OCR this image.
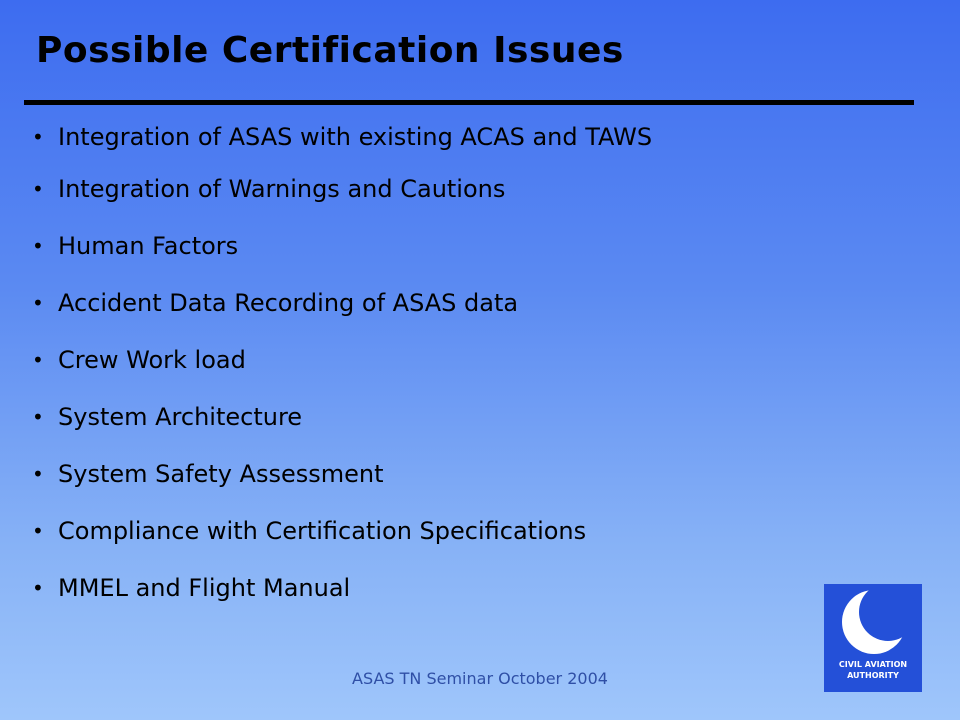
Possible Certification Issues
• Integration of ASAS with existing ACAS and TAWS
• Integration of Warnings and Cautions
• Human Factors
• Accident Data Recording of ASAS data
• Crew Work load
• System Architecture
• System Safety Assessment
• Compliance with Certification Specifications
• MMEL and Flight Manual
ASAS TN Seminar October 2004
CIVIL AVIATION
AUTHORITY
